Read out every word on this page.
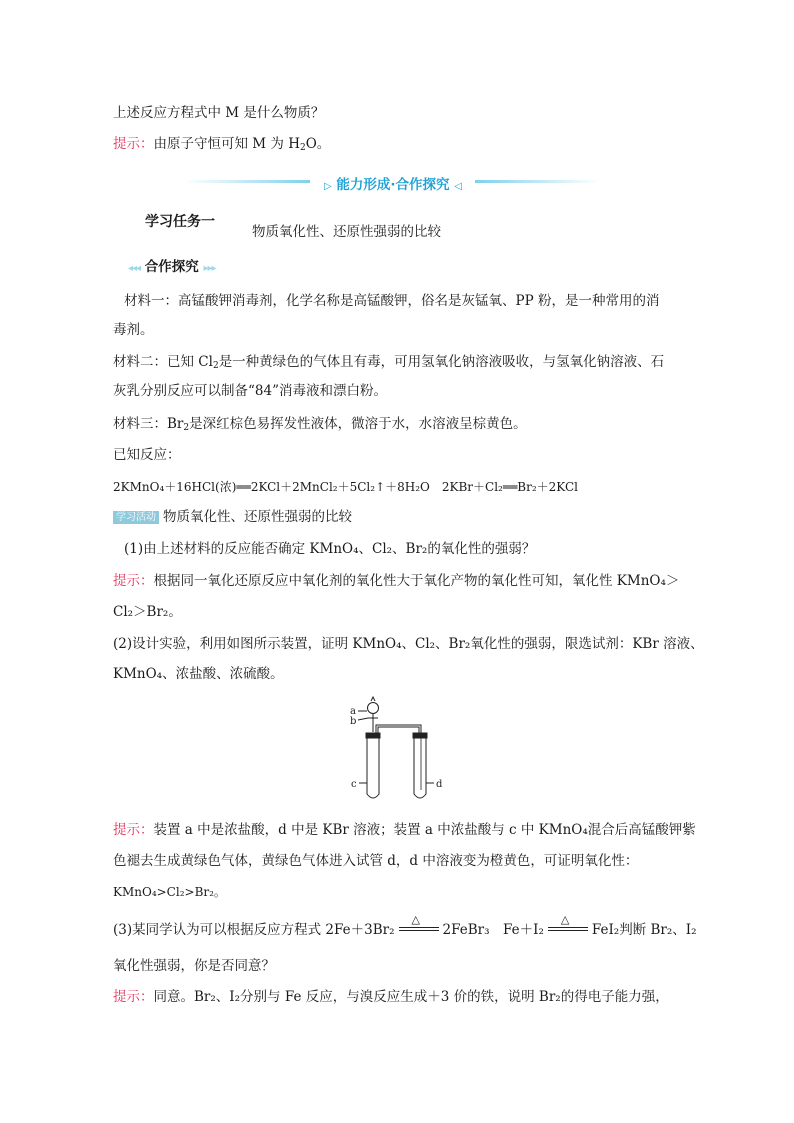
上述反应方程式中 M 是什么物质？
提示：由原子守恒可知 M 为 $H_2O$。
▷ 能力形成·合作探究 ◁
学习任务一
物质氧化性、还原性强弱的比较
◂◂◂ 合作探究 ▸▸▸
材料一：高锰酸钾消毒剂，化学名称是高锰酸钾，俗名是灰锰氧、PP 粉，是一种常用的消
毒剂。
材料二：已知 $Cl_2$是一种黄绿色的气体且有毒，可用氢氧化钠溶液吸收，与氢氧化钠溶液、石
灰乳分别反应可以制备“84”消毒液和漂白粉。
材料三：$Br_2$是深红棕色易挥发性液体，微溶于水，水溶液呈棕黄色。
已知反应：
2KMnO₄＋16HCl(浓)══2KCl＋2MnCl₂＋5Cl₂↑＋8H₂O　2KBr＋Cl₂══Br₂＋2KCl
学习活动 物质氧化性、还原性强弱的比较
(1)由上述材料的反应能否确定 KMnO₄、Cl₂、Br₂的氧化性的强弱？
提示：根据同一氧化还原反应中氧化剂的氧化性大于氧化产物的氧化性可知，氧化性 KMnO₄＞
Cl₂＞Br₂。
(2)设计实验，利用如图所示装置，证明 KMnO₄、Cl₂、Br₂氧化性的强弱，限选试剂：KBr 溶液、
KMnO₄、浓盐酸、浓硫酸。
a
b
c	d
提示：装置 a 中是浓盐酸，d 中是 KBr 溶液；装置 a 中浓盐酸与 c 中 KMnO₄混合后高锰酸钾紫
色褪去生成黄绿色气体，黄绿色气体进入试管 d，d 中溶液变为橙黄色，可证明氧化性：
KMnO₄>Cl₂>Br₂。
(3)某同学认为可以根据反应方程式 2Fe＋3Br₂
△
2FeBr₃　Fe＋I₂
△
FeI₂判断 Br₂、I₂
氧化性强弱，你是否同意？
提示：同意。Br₂、I₂分别与 Fe 反应，与溴反应生成＋3 价的铁，说明 Br₂的得电子能力强，
